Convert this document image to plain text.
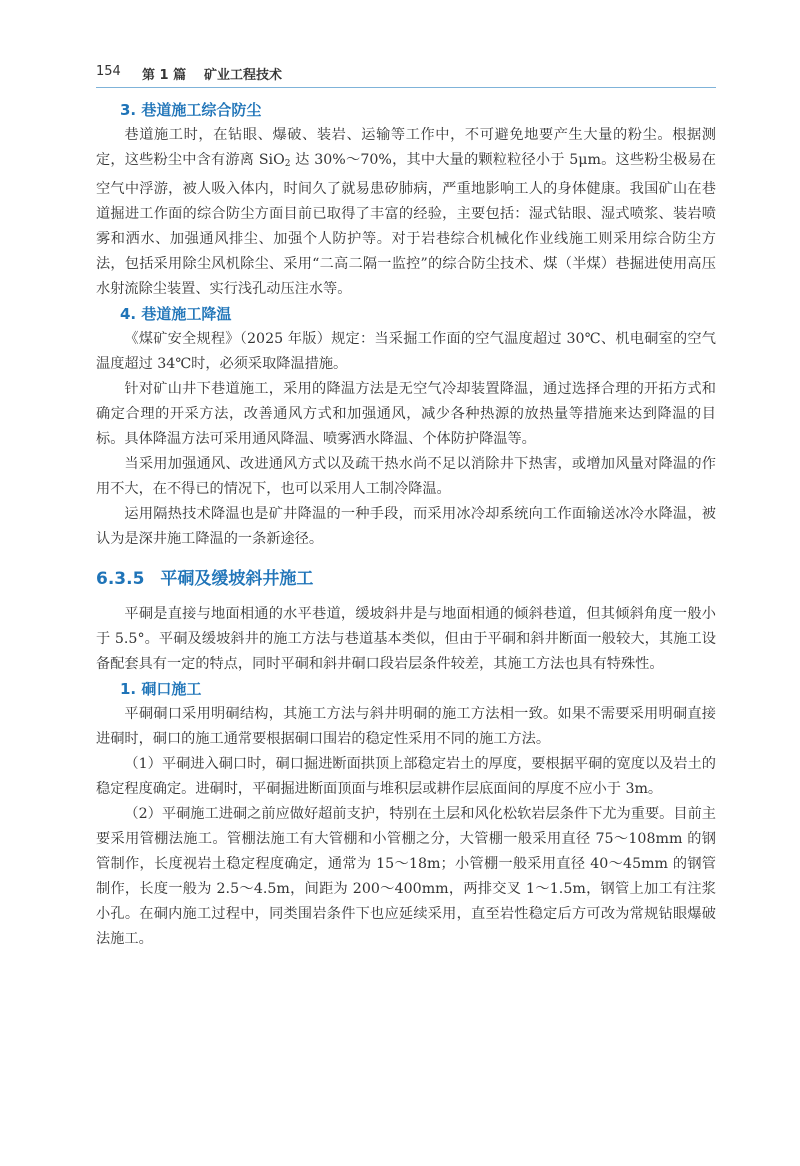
154 第 1 篇 矿业工程技术
3. 巷道施工综合防尘

巷道施工时，在钻眼、爆破、装岩、运输等工作中，不可避免地要产生大量的粉尘。根据测定，这些粉尘中含有游离 SiO$_2$ 达 30%～70%，其中大量的颗粒粒径小于 5μm。这些粉尘极易在空气中浮游，被人吸入体内，时间久了就易患矽肺病，严重地影响工人的身体健康。我国矿山在巷道掘进工作面的综合防尘方面目前已取得了丰富的经验，主要包括：湿式钻眼、湿式喷浆、装岩喷雾和洒水、加强通风排尘、加强个人防护等。对于岩巷综合机械化作业线施工则采用综合防尘方法，包括采用除尘风机除尘、采用“二高二隔一监控”的综合防尘技术、煤（半煤）巷掘进使用高压水射流除尘装置、实行浅孔动压注水等。

4. 巷道施工降温

《煤矿安全规程》（2025 年版）规定：当采掘工作面的空气温度超过 30℃、机电硐室的空气温度超过 34℃时，必须采取降温措施。

针对矿山井下巷道施工，采用的降温方法是无空气冷却装置降温，通过选择合理的开拓方式和确定合理的开采方法，改善通风方式和加强通风，减少各种热源的放热量等措施来达到降温的目标。具体降温方法可采用通风降温、喷雾洒水降温、个体防护降温等。

当采用加强通风、改进通风方式以及疏干热水尚不足以消除井下热害，或增加风量对降温的作用不大，在不得已的情况下，也可以采用人工制冷降温。

运用隔热技术降温也是矿井降温的一种手段，而采用冰冷却系统向工作面输送冰冷水降温，被认为是深井施工降温的一条新途径。

6.3.5 平硐及缓坡斜井施工

平硐是直接与地面相通的水平巷道，缓坡斜井是与地面相通的倾斜巷道，但其倾斜角度一般小于 5.5°。平硐及缓坡斜井的施工方法与巷道基本类似，但由于平硐和斜井断面一般较大，其施工设备配套具有一定的特点，同时平硐和斜井硐口段岩层条件较差，其施工方法也具有特殊性。

1. 硐口施工

平硐硐口采用明硐结构，其施工方法与斜井明硐的施工方法相一致。如果不需要采用明硐直接进硐时，硐口的施工通常要根据硐口围岩的稳定性采用不同的施工方法。

（1）平硐进入硐口时，硐口掘进断面拱顶上部稳定岩土的厚度，要根据平硐的宽度以及岩土的稳定程度确定。进硐时，平硐掘进断面顶面与堆积层或耕作层底面间的厚度不应小于 3m。

（2）平硐施工进硐之前应做好超前支护，特别在土层和风化松软岩层条件下尤为重要。目前主要采用管棚法施工。管棚法施工有大管棚和小管棚之分，大管棚一般采用直径 75～108mm 的钢管制作，长度视岩土稳定程度确定，通常为 15～18m；小管棚一般采用直径 40～45mm 的钢管制作，长度一般为 2.5～4.5m，间距为 200～400mm，两排交叉 1～1.5m，钢管上加工有注浆小孔。在硐内施工过程中，同类围岩条件下也应延续采用，直至岩性稳定后方可改为常规钻眼爆破法施工。
